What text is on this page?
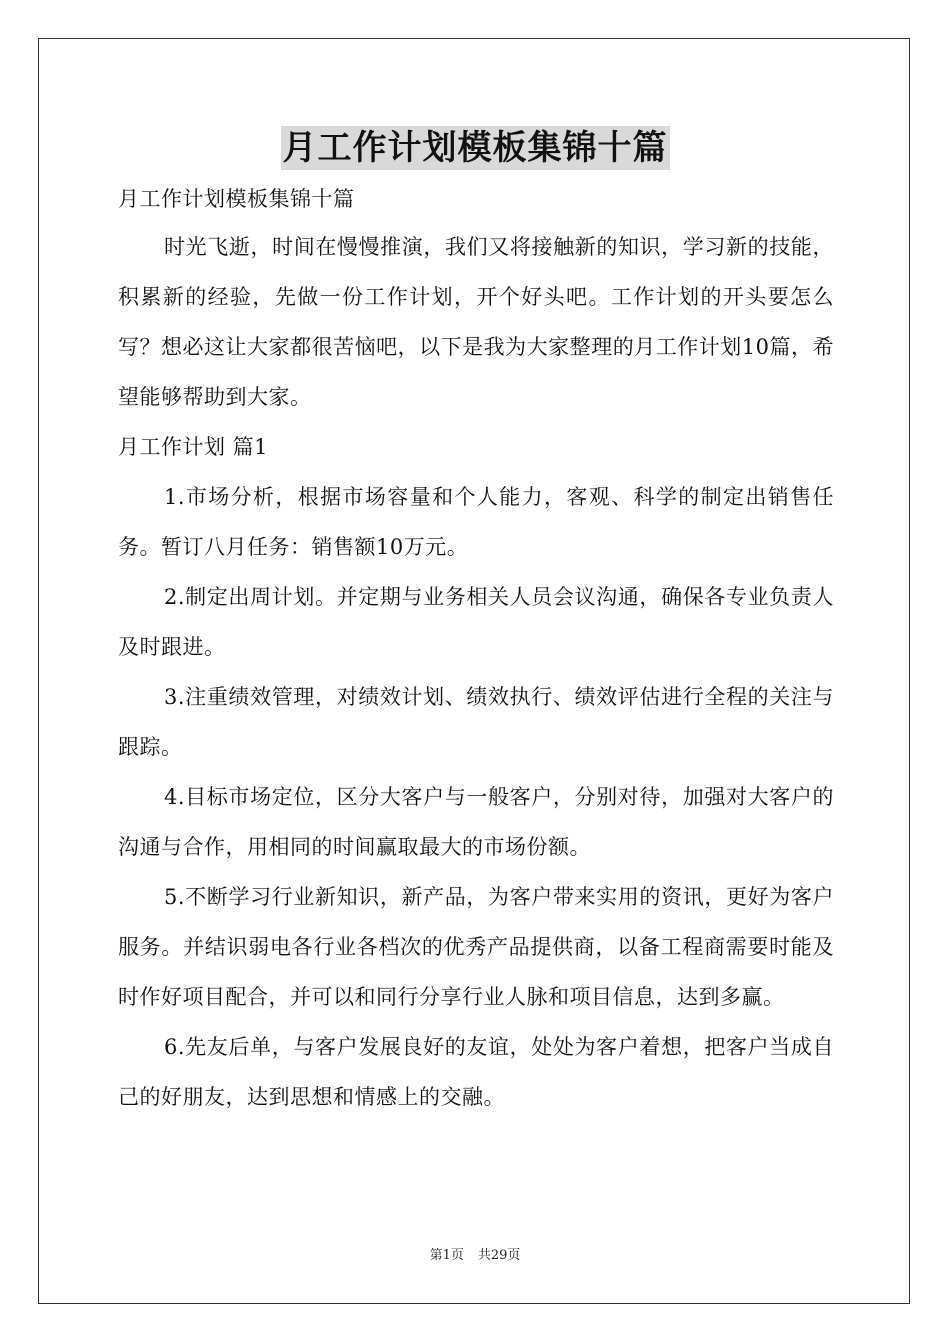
月工作计划模板集锦十篇

月工作计划模板集锦十篇

时光飞逝，时间在慢慢推演，我们又将接触新的知识，学习新的技能，积累新的经验，先做一份工作计划，开个好头吧。工作计划的开头要怎么写？想必这让大家都很苦恼吧，以下是我为大家整理的月工作计划10篇，希望能够帮助到大家。

月工作计划 篇1

1.市场分析，根据市场容量和个人能力，客观、科学的制定出销售任务。暂订八月任务：销售额10万元。

2.制定出周计划。并定期与业务相关人员会议沟通，确保各专业负责人及时跟进。

3.注重绩效管理，对绩效计划、绩效执行、绩效评估进行全程的关注与跟踪。

4.目标市场定位，区分大客户与一般客户，分别对待，加强对大客户的沟通与合作，用相同的时间赢取最大的市场份额。

5.不断学习行业新知识，新产品，为客户带来实用的资讯，更好为客户服务。并结识弱电各行业各档次的优秀产品提供商，以备工程商需要时能及时作好项目配合，并可以和同行分享行业人脉和项目信息，达到多赢。

6.先友后单，与客户发展良好的友谊，处处为客户着想，把客户当成自己的好朋友，达到思想和情感上的交融。

第1页 共29页
